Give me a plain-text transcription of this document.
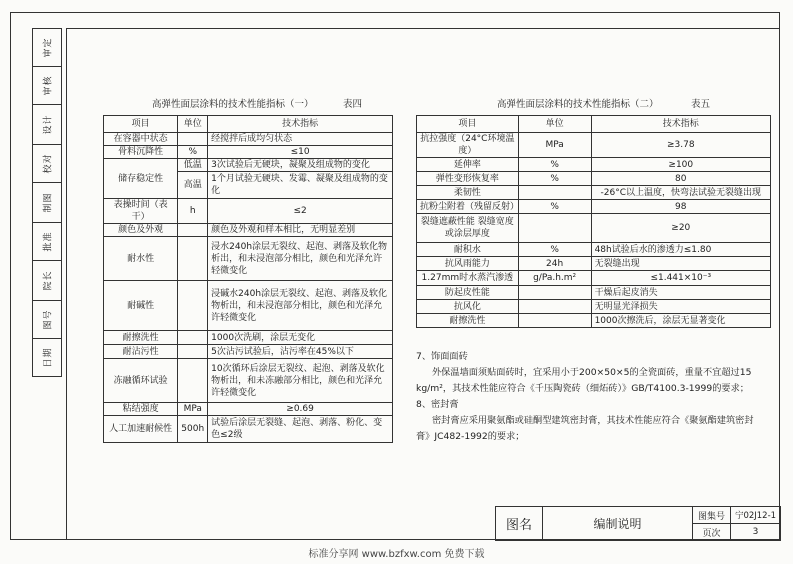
审定
审核
设计
校对
制图
批准
院长
图号
日期
高弹性面层涂料的技术性能指标（一）	表四
项目	单位	技术指标
在容器中状态		经搅拌后成均匀状态
骨料沉降性	%	≤10
储存稳定性	低温	3次试验后无硬块，凝聚及组成物的变化
	高温	1个月试验无硬块、发霉、凝聚及组成物的变化
表操时间（表干）	h	≤2
颜色及外观		颜色及外观和样本相比，无明显差别
耐水性		浸水240h涂层无裂纹、起泡、剥落及软化物析出，和未浸泡部分相比，颜色和光泽允许轻微变化
耐碱性		浸碱水240h涂层无裂纹、起泡、剥落及软化物析出，和未浸泡部分相比，颜色和光泽允许轻微变化
耐擦洗性		1000次洗刷，涂层无变化
耐沾污性		5次沾污试验后，沾污率在45%以下
冻融循环试验		10次循环后涂层无裂纹、起泡、剥落及软化物析出，和未冻融部分相比，颜色和光泽允许轻微变化
粘结强度	MPa	≥0.69
人工加速耐候性	500h	试验后涂层无裂缝、起泡、剥落、粉化、变色≤2级
高弹性面层涂料的技术性能指标（二）	表五
项目	单位	技术指标
抗拉强度（24°C环境温度）	MPa	≥3.78
延伸率	%	≥100
弹性变形恢复率	%	80
柔韧性		-26°C以上温度，快弯法试验无裂缝出现
抗粉尘附着（残留反射）	%	98
裂缝遮蔽性能 裂缝宽度或涂层厚度		≥20
耐积水	%	48h试验后水的渗透力≤1.80
抗风雨能力	24h	无裂缝出现
1.27mm时水蒸汽渗透	g/Pa.h.m²	≤1.441×10⁻³
防起皮性能		干燥后起皮消失
抗风化		无明显光泽损失
耐擦洗性		1000次擦洗后，涂层无显著变化
7、饰面面砖
外保温墙面须贴面砖时，宜采用小于200×50×5的全瓷面砖，重量不宜超过15
kg/m²，其技术性能应符合《千压陶瓷砖（细炻砖）》GB/T4100.3-1999的要求；
8、密封膏
密封膏应采用聚氨酯或硅酮型建筑密封膏，其技术性能应符合《聚氨酯建筑密封
膏》JC482-1992的要求；
图名	编制说明	图集号	宁02J12-1
		页次	3
标准分享网 www.bzfxw.com 免费下载
